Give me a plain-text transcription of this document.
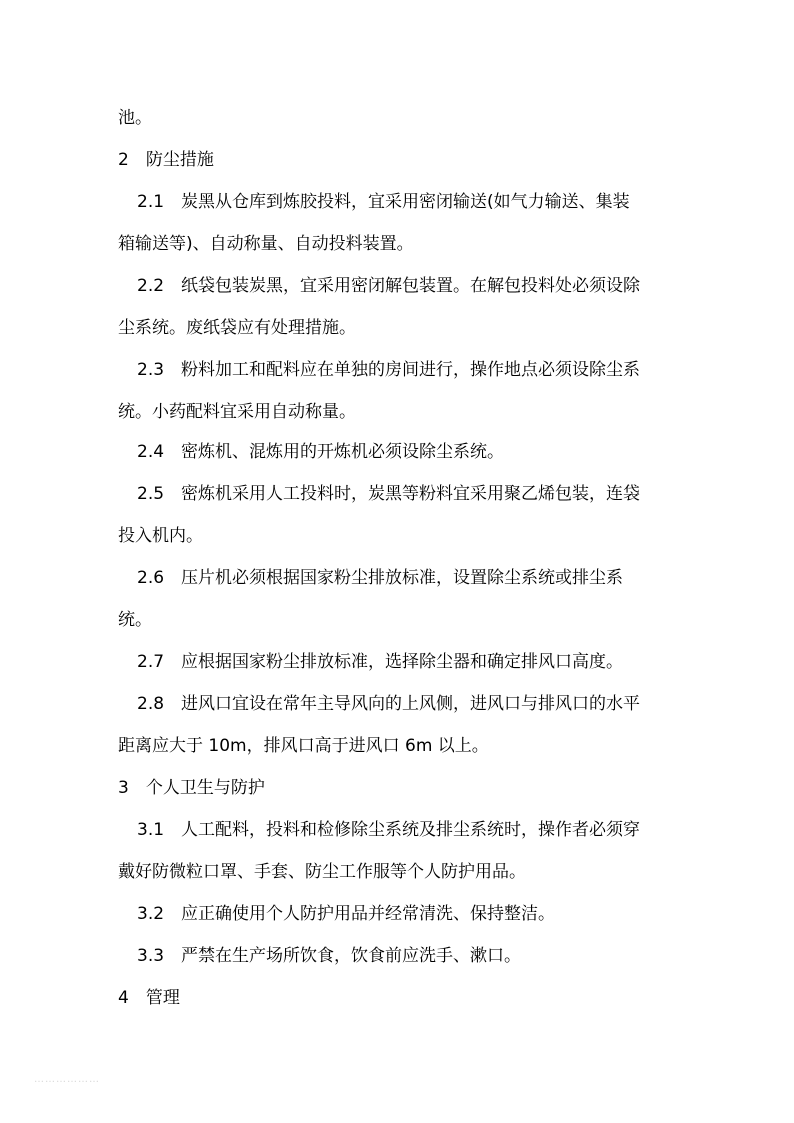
池。
2　防尘措施
2.1　炭黑从仓库到炼胶投料，宜采用密闭输送(如气力输送、集装
箱输送等)、自动称量、自动投料装置。
2.2　纸袋包装炭黑，宜采用密闭解包装置。在解包投料处必须设除
尘系统。废纸袋应有处理措施。
2.3　粉料加工和配料应在单独的房间进行，操作地点必须设除尘系
统。小药配料宜采用自动称量。
2.4　密炼机、混炼用的开炼机必须设除尘系统。
2.5　密炼机采用人工投料时，炭黑等粉料宜采用聚乙烯包装，连袋
投入机内。
2.6　压片机必须根据国家粉尘排放标准，设置除尘系统或排尘系
统。
2.7　应根据国家粉尘排放标准，选择除尘器和确定排风口高度。
2.8　进风口宜设在常年主导风向的上风侧，进风口与排风口的水平
距离应大于 10m，排风口高于进风口 6m 以上。
3　个人卫生与防护
3.1　人工配料，投料和检修除尘系统及排尘系统时，操作者必须穿
戴好防微粒口罩、手套、防尘工作服等个人防护用品。
3.2　应正确使用个人防护用品并经常清洗、保持整洁。
3.3　严禁在生产场所饮食，饮食前应洗手、漱口。
4　管理
………………
